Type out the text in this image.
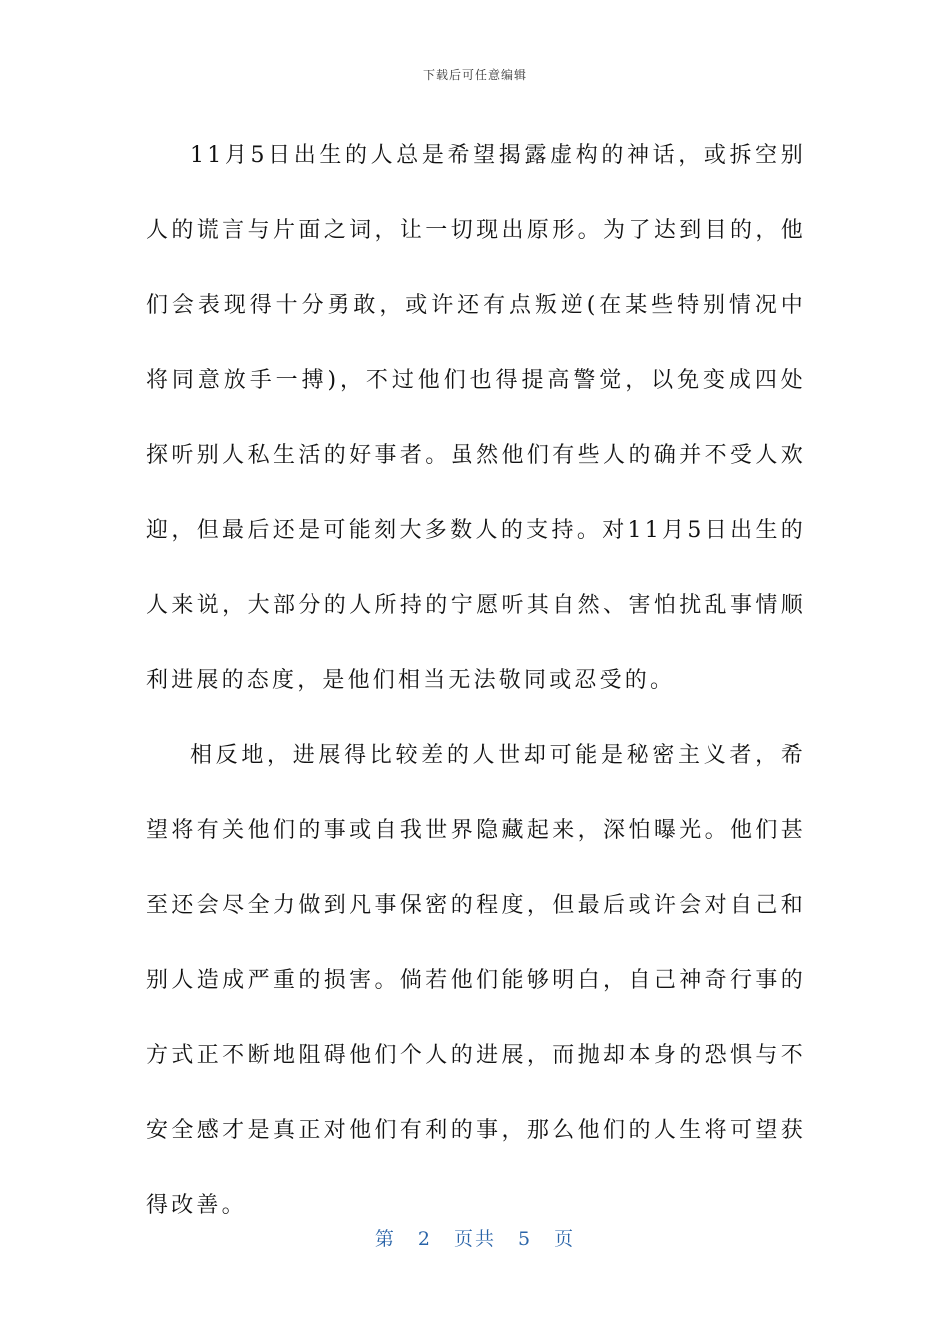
下载后可任意编辑

11月5日出生的人总是希望揭露虚构的神话，或拆空别人的谎言与片面之词，让一切现出原形。为了达到目的，他们会表现得十分勇敢，或许还有点叛逆(在某些特别情况中将同意放手一搏)，不过他们也得提高警觉，以免变成四处探听别人私生活的好事者。虽然他们有些人的确并不受人欢迎，但最后还是可能刻大多数人的支持。对11月5日出生的人来说，大部分的人所持的宁愿听其自然、害怕扰乱事情顺利进展的态度，是他们相当无法敬同或忍受的。

相反地，进展得比较差的人世却可能是秘密主义者，希望将有关他们的事或自我世界隐藏起来，深怕曝光。他们甚至还会尽全力做到凡事保密的程度，但最后或许会对自己和别人造成严重的损害。倘若他们能够明白，自己神奇行事的方式正不断地阻碍他们个人的进展，而抛却本身的恐惧与不安全感才是真正对他们有利的事，那么他们的人生将可望获得改善。

第 2 页共 5 页
